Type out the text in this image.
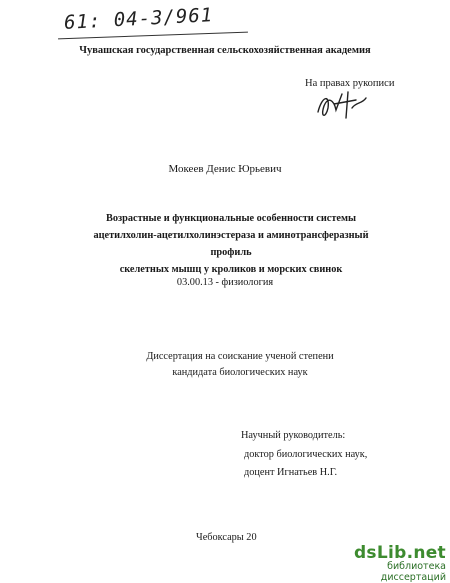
61: 04-3/961
Чувашская государственная сельскохозяйственная академия
На правах рукописи
Мокеев Денис Юрьевич
Возрастные и функциональные особенности системы
ацетилхолин-ацетилхолинэстераза и аминотрансферазный профиль
скелетных мышц у кроликов и морских свинок
03.00.13 - физиология
Диссертация на соискание ученой степени
кандидата биологических наук
Научный руководитель:
доктор биологических наук,
доцент Игнатьев Н.Г.
Чебоксары 20
dsLib.net
библиотека диссертаций
